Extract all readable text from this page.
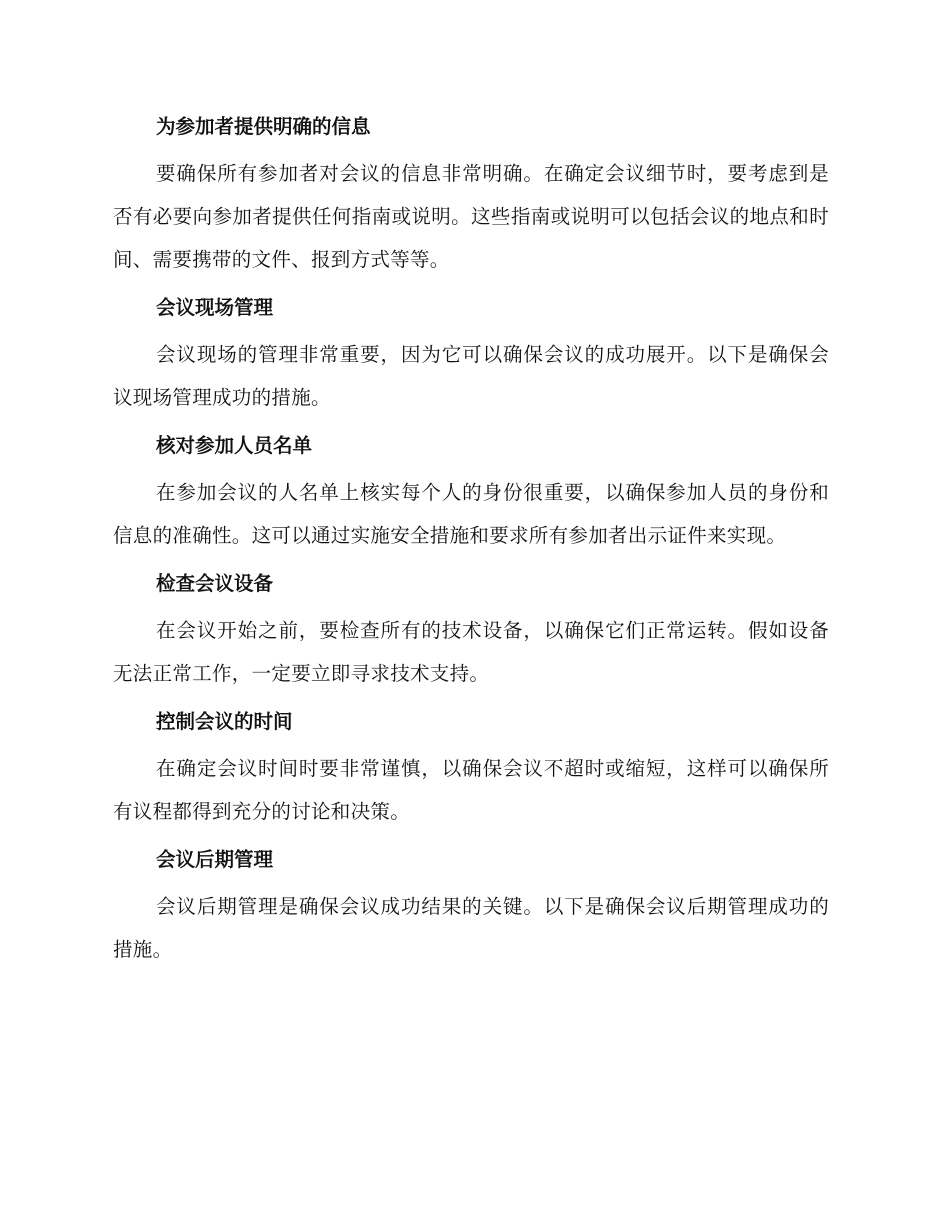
为参加者提供明确的信息

要确保所有参加者对会议的信息非常明确。在确定会议细节时，要考虑到是否有必要向参加者提供任何指南或说明。这些指南或说明可以包括会议的地点和时间、需要携带的文件、报到方式等等。

会议现场管理

会议现场的管理非常重要，因为它可以确保会议的成功展开。以下是确保会议现场管理成功的措施。

核对参加人员名单

在参加会议的人名单上核实每个人的身份很重要，以确保参加人员的身份和信息的准确性。这可以通过实施安全措施和要求所有参加者出示证件来实现。

检查会议设备

在会议开始之前，要检查所有的技术设备，以确保它们正常运转。假如设备无法正常工作，一定要立即寻求技术支持。

控制会议的时间

在确定会议时间时要非常谨慎，以确保会议不超时或缩短，这样可以确保所有议程都得到充分的讨论和决策。

会议后期管理

会议后期管理是确保会议成功结果的关键。以下是确保会议后期管理成功的措施。
